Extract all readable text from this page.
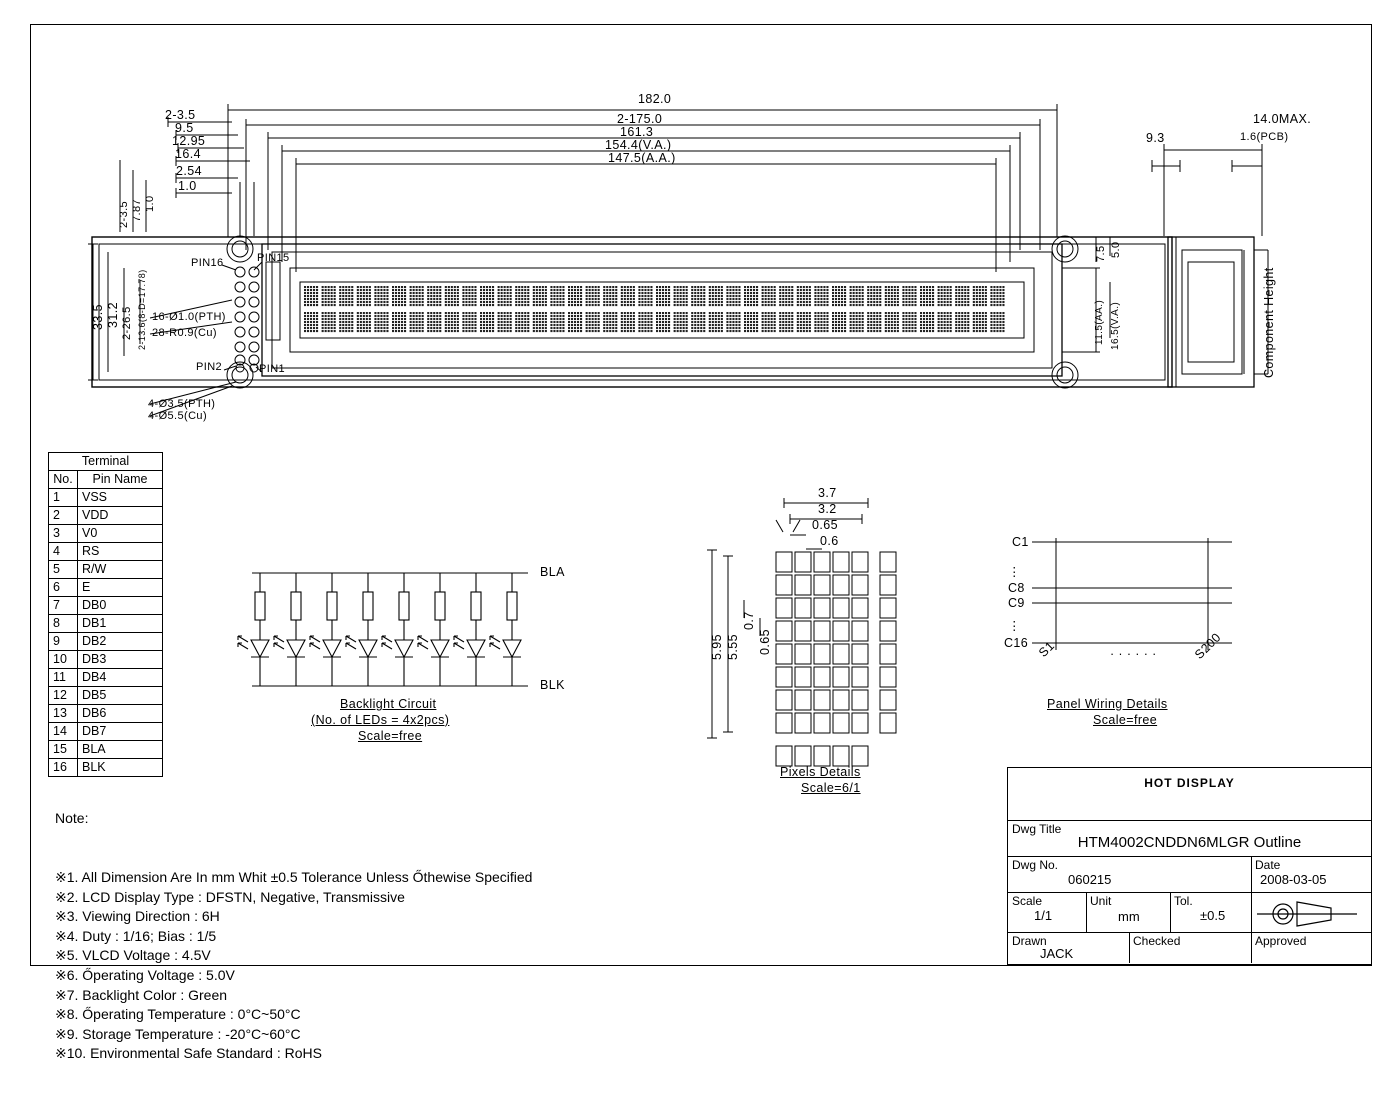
182.0
2-175.0
161.3
154.4(V.A.)
147.5(A.A.)
2-3.5
9.5
12.95
16.4
2.54
1.0
2-3.5 7.87 1.0
33.5 31.2 2-26.5 2-13.6(8-D=17.78) 16-Ø1.0(PTH)
28-R0.9(Cu)
4-Ø3.5(PTH)
4-Ø5.5(Cu)
PIN16	PIN15
PIN2	PIN1
7.5 5.0
11.5(AA.) 16.5(V.A.)
14.0MAX.
1.6(PCB)
9.3
Component Height
Terminal	
No.	Pin Name
1	VSS
2	VDD
3	V0
4	RS
5	R/W
6	E
7	DB0
8	DB1
9	DB2
10	DB3
11	DB4
12	DB5
13	DB6
14	DB7
15	BLA
16	BLK
BLA
BLK
Backlight Circuit
(No. of LEDs = 4x2pcs)
Scale=free
3.7
3.2
0.65
0.6
5.95 5.55
0.7
0.65
Pixels Details
Scale=6/1
C1
⋮
C8
C9
⋮
C16 S1	· · · · · ·	S200
Panel Wiring Details
Scale=free

Note:

※1. All Dimension Are In mm Whit ±0.5 Tolerance Unless Őthewise Specified
※2. LCD Display Type : DFSTN, Negative, Transmissive
※3. Viewing Direction : 6H
※4. Duty : 1/16; Bias : 1/5
※5. VLCD Voltage : 4.5V
※6. Őperating Voltage : 5.0V
※7. Backlight Color : Green
※8. Őperating Temperature : 0°C~50°C
※9. Storage Temperature : -20°C~60°C
※10. Environmental Safe Standard : RoHS

HOT DISPLAY
Dwg Title
HTM4002CNDDN6MLGR Outline
Dwg No.
060215
Date
2008-03-05
Scale
1/1
Unit
mm
Tol.
±0.5
Drawn
JACK
Checked	Approved
